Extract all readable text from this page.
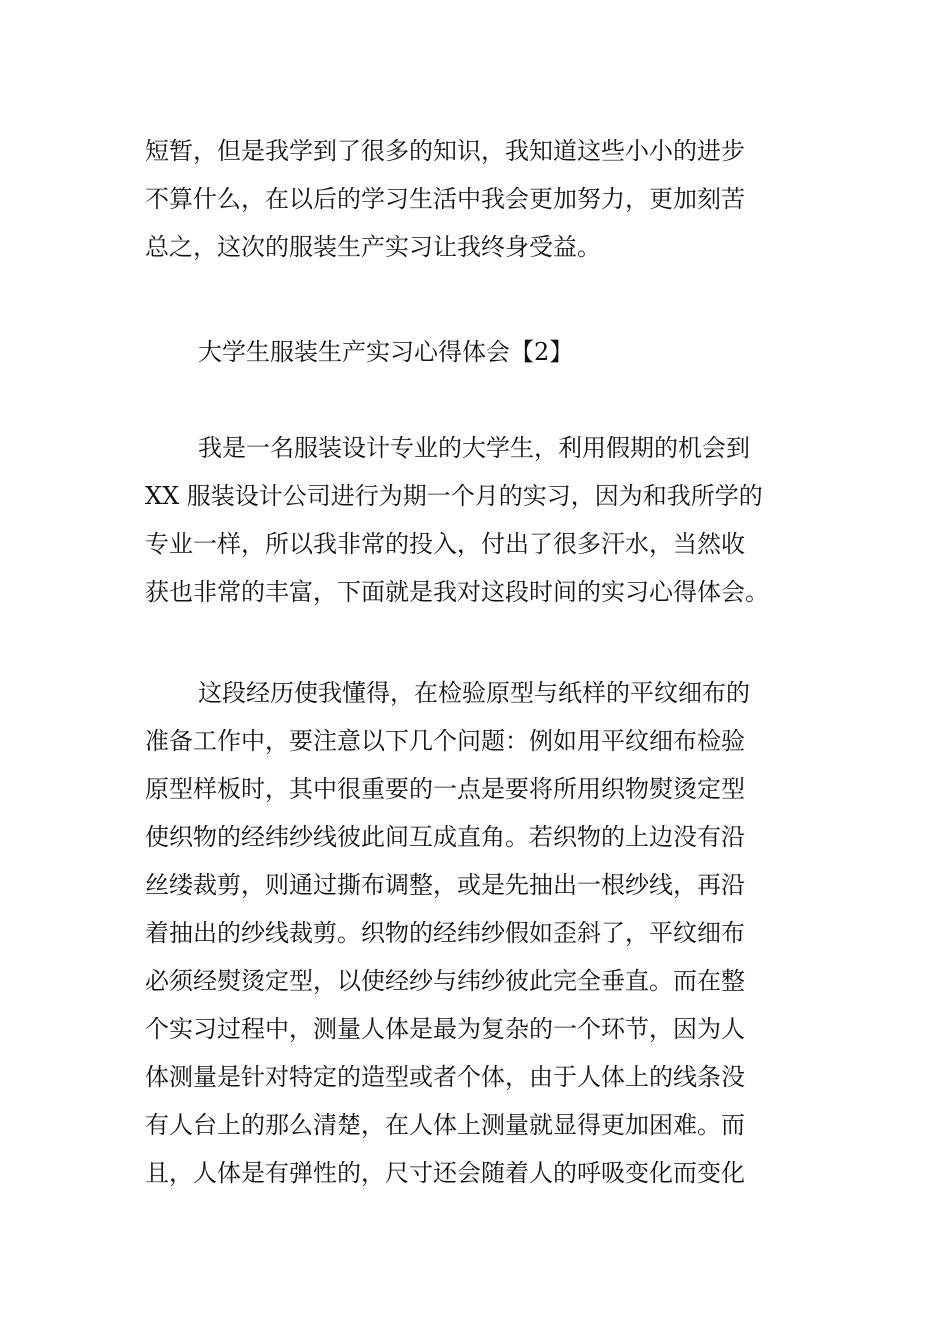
短暂，但是我学到了很多的知识，我知道这些小小的进步
不算什么，在以后的学习生活中我会更加努力，更加刻苦
总之，这次的服装生产实习让我终身受益。
大学生服装生产实习心得体会【2】
我是一名服装设计专业的大学生，利用假期的机会到
XX 服装设计公司进行为期一个月的实习，因为和我所学的
专业一样，所以我非常的投入，付出了很多汗水，当然收
获也非常的丰富，下面就是我对这段时间的实习心得体会。
这段经历使我懂得，在检验原型与纸样的平纹细布的
准备工作中，要注意以下几个问题：例如用平纹细布检验
原型样板时，其中很重要的一点是要将所用织物熨烫定型
使织物的经纬纱线彼此间互成直角。若织物的上边没有沿
丝缕裁剪，则通过撕布调整，或是先抽出一根纱线，再沿
着抽出的纱线裁剪。织物的经纬纱假如歪斜了，平纹细布
必须经熨烫定型，以使经纱与纬纱彼此完全垂直。而在整
个实习过程中，测量人体是最为复杂的一个环节，因为人
体测量是针对特定的造型或者个体，由于人体上的线条没
有人台上的那么清楚，在人体上测量就显得更加困难。而
且，人体是有弹性的，尺寸还会随着人的呼吸变化而变化
